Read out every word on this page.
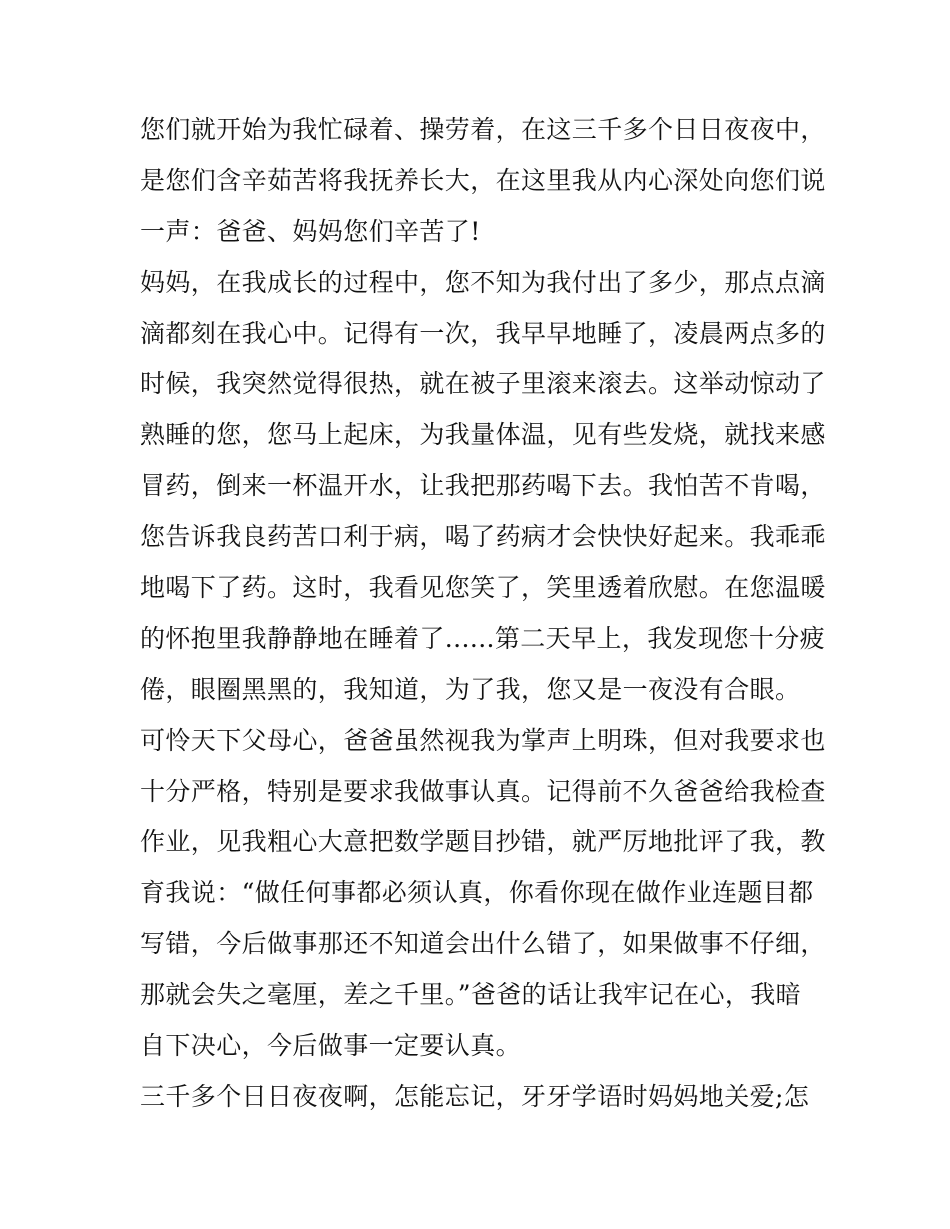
您们就开始为我忙碌着、操劳着，在这三千多个日日夜夜中，
是您们含辛茹苦将我抚养长大，在这里我从内心深处向您们说
一声：爸爸、妈妈您们辛苦了!
妈妈，在我成长的过程中，您不知为我付出了多少，那点点滴
滴都刻在我心中。记得有一次，我早早地睡了，凌晨两点多的
时候，我突然觉得很热，就在被子里滚来滚去。这举动惊动了
熟睡的您，您马上起床，为我量体温，见有些发烧，就找来感
冒药，倒来一杯温开水，让我把那药喝下去。我怕苦不肯喝，
您告诉我良药苦口利于病，喝了药病才会快快好起来。我乖乖
地喝下了药。这时，我看见您笑了，笑里透着欣慰。在您温暖
的怀抱里我静静地在睡着了......第二天早上，我发现您十分疲
倦，眼圈黑黑的，我知道，为了我，您又是一夜没有合眼。
可怜天下父母心，爸爸虽然视我为掌声上明珠，但对我要求也
十分严格，特别是要求我做事认真。记得前不久爸爸给我检查
作业，见我粗心大意把数学题目抄错，就严厉地批评了我，教
育我说：“做任何事都必须认真，你看你现在做作业连题目都
写错，今后做事那还不知道会出什么错了，如果做事不仔细，
那就会失之毫厘，差之千里。”爸爸的话让我牢记在心，我暗
自下决心，今后做事一定要认真。
三千多个日日夜夜啊，怎能忘记，牙牙学语时妈妈地关爱;怎
